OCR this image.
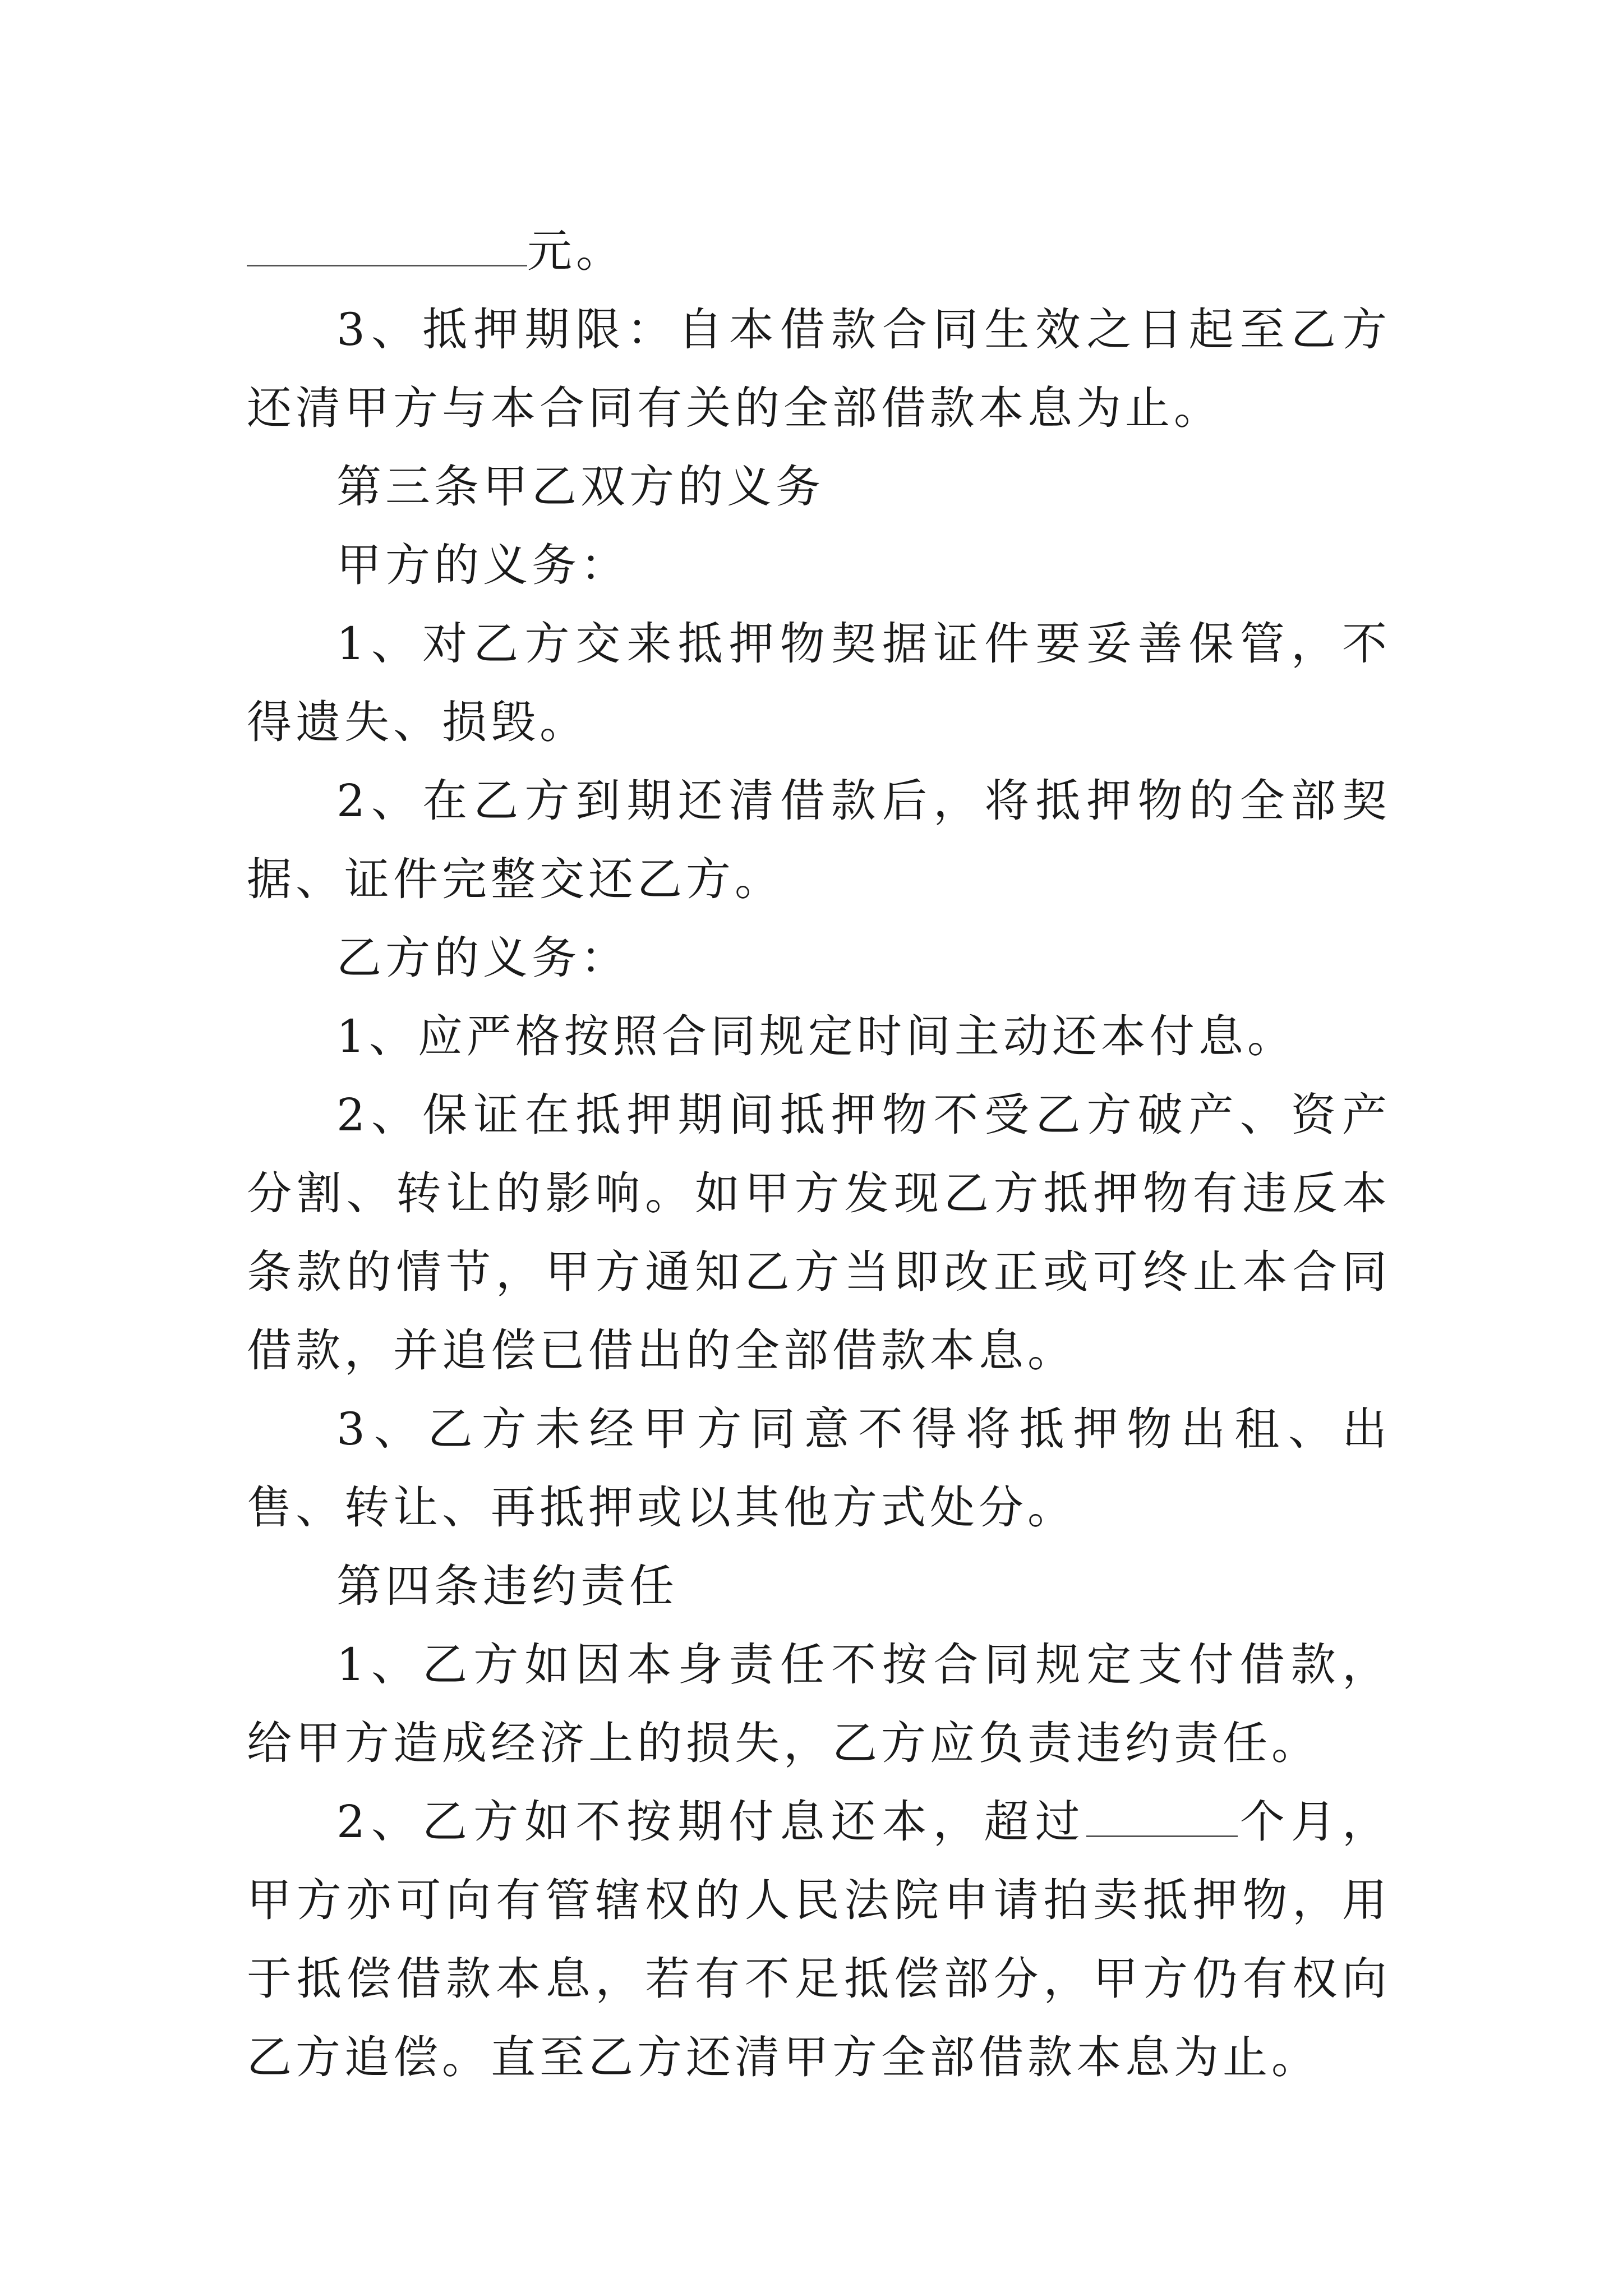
元。

3、抵押期限：自本借款合同生效之日起至乙方还清甲方与本合同有关的全部借款本息为止。

第三条甲乙双方的义务

甲方的义务：

1、对乙方交来抵押物契据证件要妥善保管，不得遗失、损毁。

2、在乙方到期还清借款后，将抵押物的全部契据、证件完整交还乙方。

乙方的义务：

1、应严格按照合同规定时间主动还本付息。

2、保证在抵押期间抵押物不受乙方破产、资产分割、转让的影响。如甲方发现乙方抵押物有违反本条款的情节，甲方通知乙方当即改正或可终止本合同借款，并追偿已借出的全部借款本息。

3、乙方未经甲方同意不得将抵押物出租、出售、转让、再抵押或以其他方式处分。

第四条违约责任

1、乙方如因本身责任不按合同规定支付借款，给甲方造成经济上的损失，乙方应负责违约责任。

2、乙方如不按期付息还本，超过	个月，甲方亦可向有管辖权的人民法院申请拍卖抵押物，用于抵偿借款本息，若有不足抵偿部分，甲方仍有权向乙方追偿。直至乙方还清甲方全部借款本息为止。
